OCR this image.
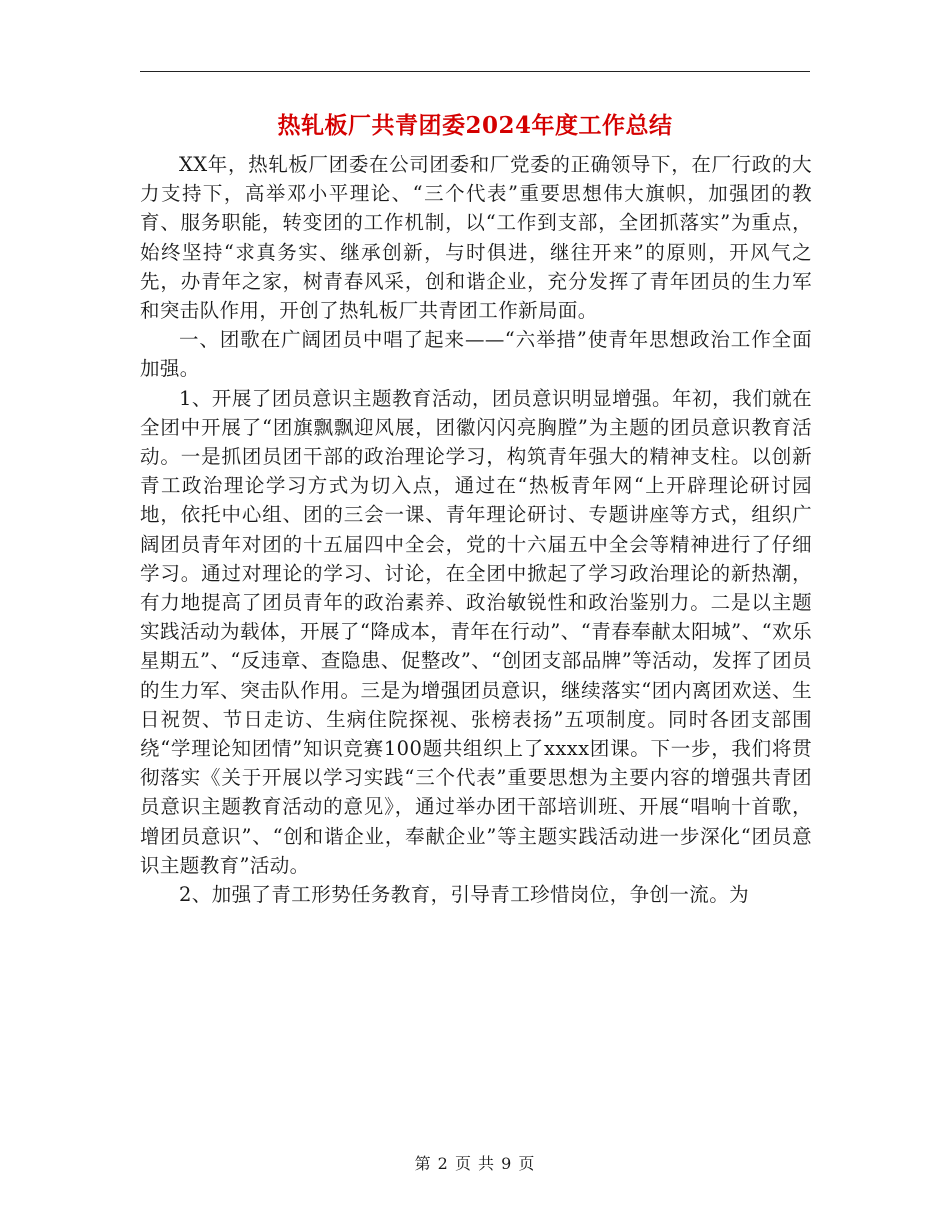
热轧板厂共青团委2024年度工作总结

XX年，热轧板厂团委在公司团委和厂党委的正确领导下，在厂行政的大力支持下，高举邓小平理论、“三个代表”重要思想伟大旗帜，加强团的教育、服务职能，转变团的工作机制，以“工作到支部，全团抓落实”为重点，始终坚持“求真务实、继承创新，与时俱进，继往开来”的原则，开风气之先，办青年之家，树青春风采，创和谐企业，充分发挥了青年团员的生力军和突击队作用，开创了热轧板厂共青团工作新局面。

一、团歌在广阔团员中唱了起来——“六举措”使青年思想政治工作全面加强。

1、开展了团员意识主题教育活动，团员意识明显增强。年初，我们就在全团中开展了“团旗飘飘迎风展，团徽闪闪亮胸膛”为主题的团员意识教育活动。一是抓团员团干部的政治理论学习，构筑青年强大的精神支柱。以创新青工政治理论学习方式为切入点，通过在“热板青年网“上开辟理论研讨园地，依托中心组、团的三会一课、青年理论研讨、专题讲座等方式，组织广阔团员青年对团的十五届四中全会，党的十六届五中全会等精神进行了仔细学习。通过对理论的学习、讨论，在全团中掀起了学习政治理论的新热潮，有力地提高了团员青年的政治素养、政治敏锐性和政治鉴别力。二是以主题实践活动为载体，开展了“降成本，青年在行动”、“青春奉献太阳城”、“欢乐星期五”、“反违章、查隐患、促整改”、“创团支部品牌”等活动，发挥了团员的生力军、突击队作用。三是为增强团员意识，继续落实“团内离团欢送、生日祝贺、节日走访、生病住院探视、张榜表扬”五项制度。同时各团支部围绕“学理论知团情”知识竞赛100题共组织上了xxxx团课。下一步，我们将贯彻落实《关于开展以学习实践“三个代表”重要思想为主要内容的增强共青团员意识主题教育活动的意见》，通过举办团干部培训班、开展“唱响十首歌，增团员意识”、“创和谐企业，奉献企业”等主题实践活动进一步深化“团员意识主题教育”活动。

2、加强了青工形势任务教育，引导青工珍惜岗位，争创一流。为

第 2 页 共 9 页
